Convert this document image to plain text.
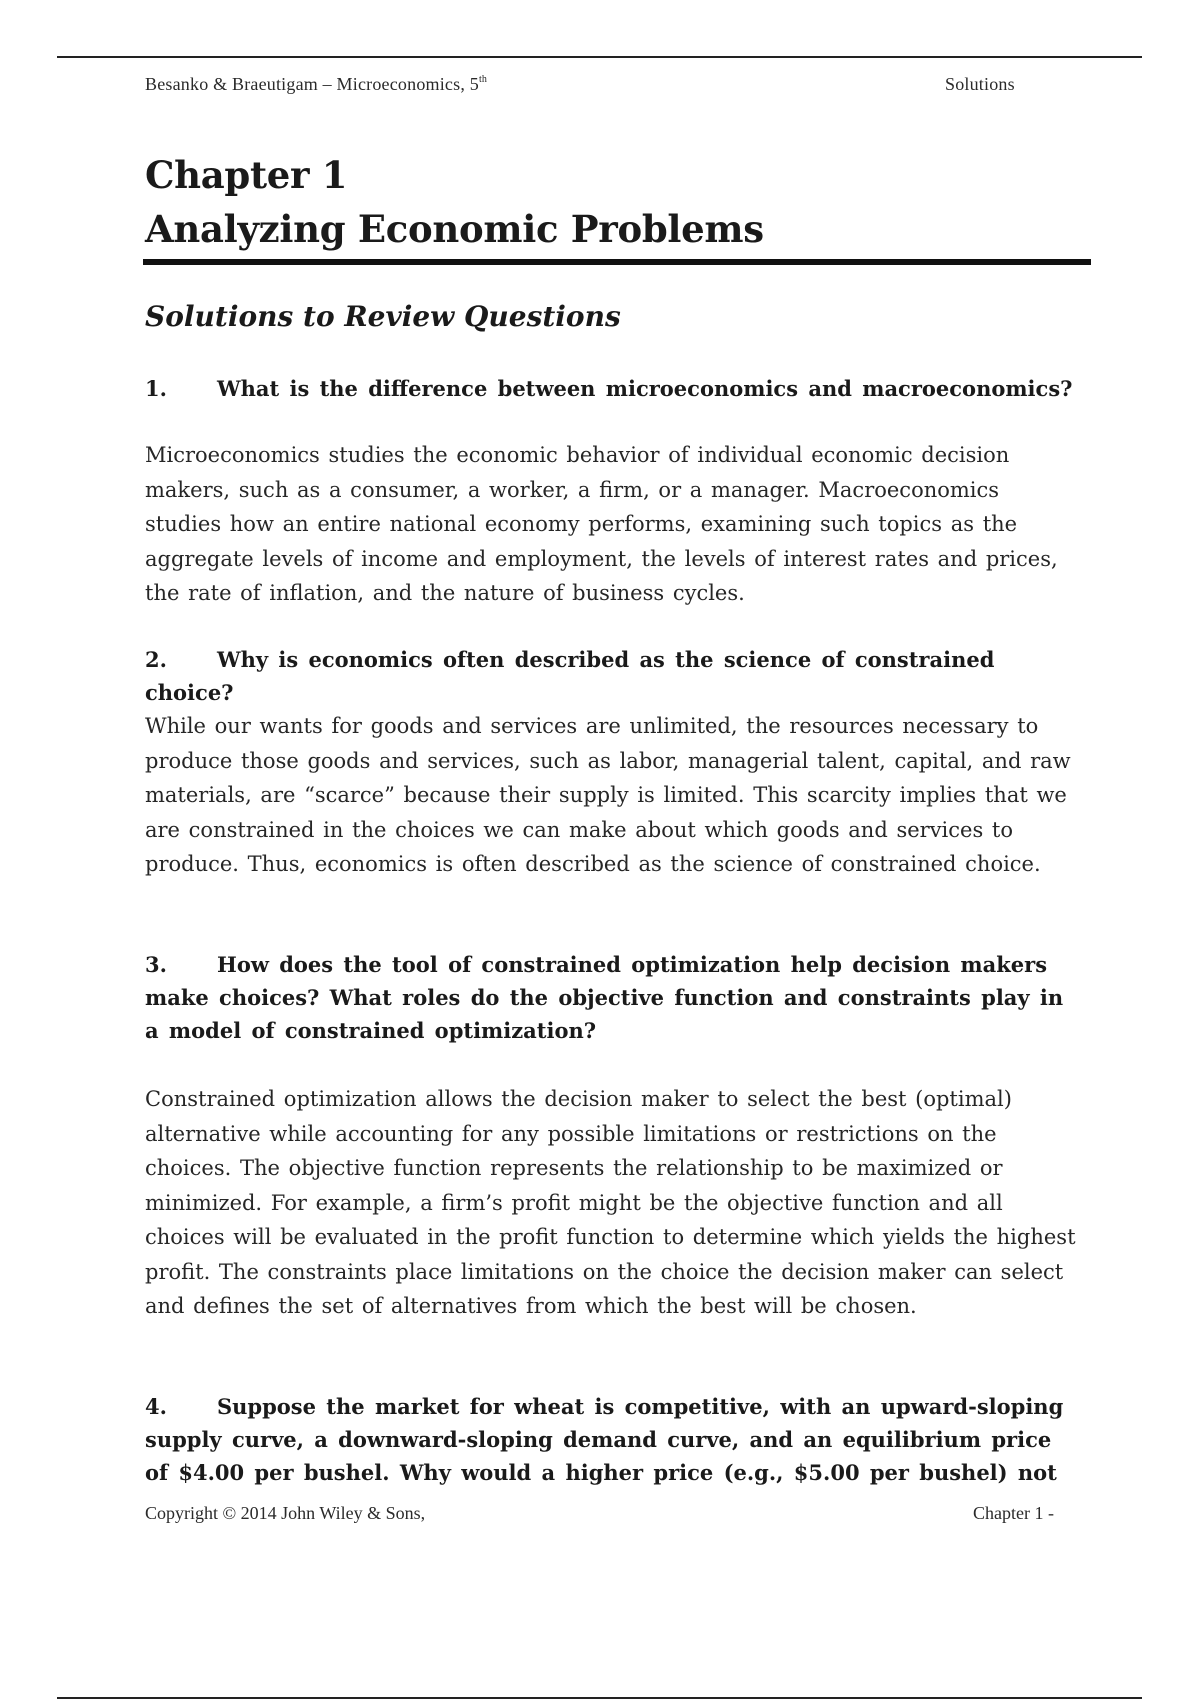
Besanko & Braeutigam – Microeconomics, 5th	Solutions
Chapter 1
Analyzing Economic Problems
Solutions to Review Questions

1. What is the difference between microeconomics and macroeconomics?

Microeconomics studies the economic behavior of individual economic decision makers, such as a consumer, a worker, a firm, or a manager. Macroeconomics studies how an entire national economy performs, examining such topics as the aggregate levels of income and employment, the levels of interest rates and prices, the rate of inflation, and the nature of business cycles.

2. Why is economics often described as the science of constrained choice?

While our wants for goods and services are unlimited, the resources necessary to produce those goods and services, such as labor, managerial talent, capital, and raw materials, are “scarce” because their supply is limited. This scarcity implies that we are constrained in the choices we can make about which goods and services to produce. Thus, economics is often described as the science of constrained choice.

3. How does the tool of constrained optimization help decision makers make choices? What roles do the objective function and constraints play in a model of constrained optimization?

Constrained optimization allows the decision maker to select the best (optimal) alternative while accounting for any possible limitations or restrictions on the choices. The objective function represents the relationship to be maximized or minimized. For example, a firm’s profit might be the objective function and all choices will be evaluated in the profit function to determine which yields the highest profit. The constraints place limitations on the choice the decision maker can select and defines the set of alternatives from which the best will be chosen.

4. Suppose the market for wheat is competitive, with an upward-sloping supply curve, a downward-sloping demand curve, and an equilibrium price of $4.00 per bushel. Why would a higher price (e.g., $5.00 per bushel) not

Copyright © 2014 John Wiley & Sons,	Chapter 1 -
